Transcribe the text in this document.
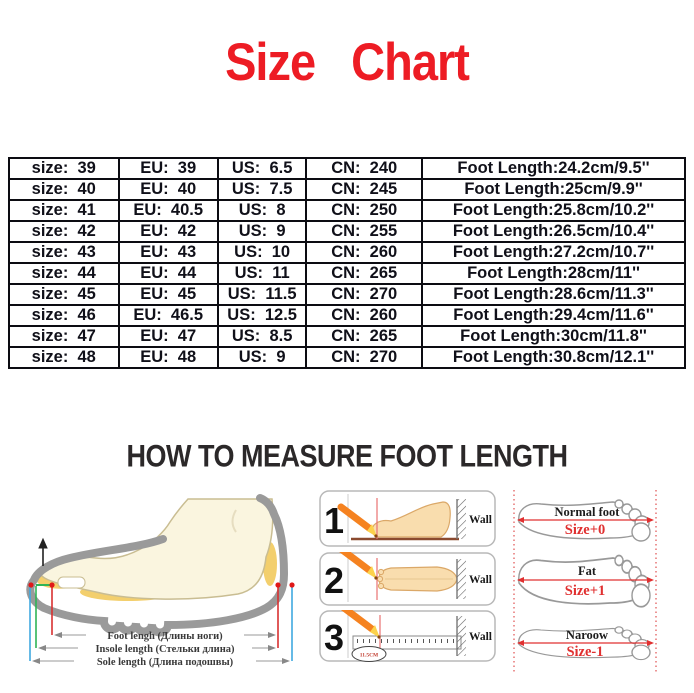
Size Chart
size:  39	EU:  39	US:  6.5	CN:  240	Foot Length:24.2cm/9.5''
size:  40	EU:  40	US:  7.5	CN:  245	Foot Length:25cm/9.9''
size:  41	EU:  40.5	US:  8	CN:  250	Foot Length:25.8cm/10.2''
size:  42	EU:  42	US:  9	CN:  255	Foot Length:26.5cm/10.4''
size:  43	EU:  43	US:  10	CN:  260	Foot Length:27.2cm/10.7''
size:  44	EU:  44	US:  11	CN:  265	Foot Length:28cm/11''
size:  45	EU:  45	US:  11.5	CN:  270	Foot Length:28.6cm/11.3''
size:  46	EU:  46.5	US:  12.5	CN:  260	Foot Length:29.4cm/11.6''
size:  47	EU:  47	US:  8.5	CN:  265	Foot Length:30cm/11.8''
size:  48	EU:  48	US:  9	CN:  270	Foot Length:30.8cm/12.1''
HOW TO MEASURE FOOT LENGTH
Foot lengh (Длины ноги)
Insole length (Стельки длина)
Sole length (Длина подошвы)
1	Wall
2	Wall
3	11.5CM
Wall
Normal foot
Size+0
Fat
Size+1
Naroow
Size-1
